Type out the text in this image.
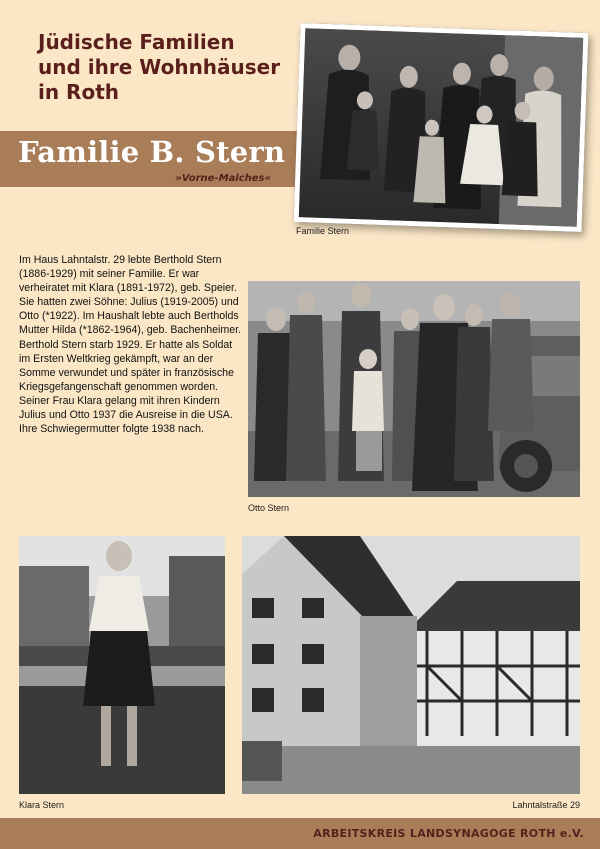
Jüdische Familien
und ihre Wohnhäuser
in Roth
Familie B. Stern
»Vorne-Malches«
Familie Stern

Im Haus Lahntalstr. 29 lebte Berthold Stern (1886-1929) mit seiner Familie. Er war verheiratet mit Klara (1891-1972), geb. Speier. Sie hatten zwei Söhne: Julius (1919-2005) und Otto (*1922). Im Haushalt lebte auch Bertholds Mutter Hilda (*1862-1964), geb. Bachenheimer.

Berthold Stern starb 1929. Er hatte als Soldat im Ersten Weltkrieg gekämpft, war an der Somme verwundet und später in französische Kriegsgefangenschaft genommen worden.

Seiner Frau Klara gelang mit ihren Kindern Julius und Otto 1937 die Ausreise in die USA. Ihre Schwiegermutter folgte 1938 nach.

Otto Stern
Klara Stern	Lahntalstraße 29
ARBEITSKREIS LANDSYNAGOGE ROTH e.V.
